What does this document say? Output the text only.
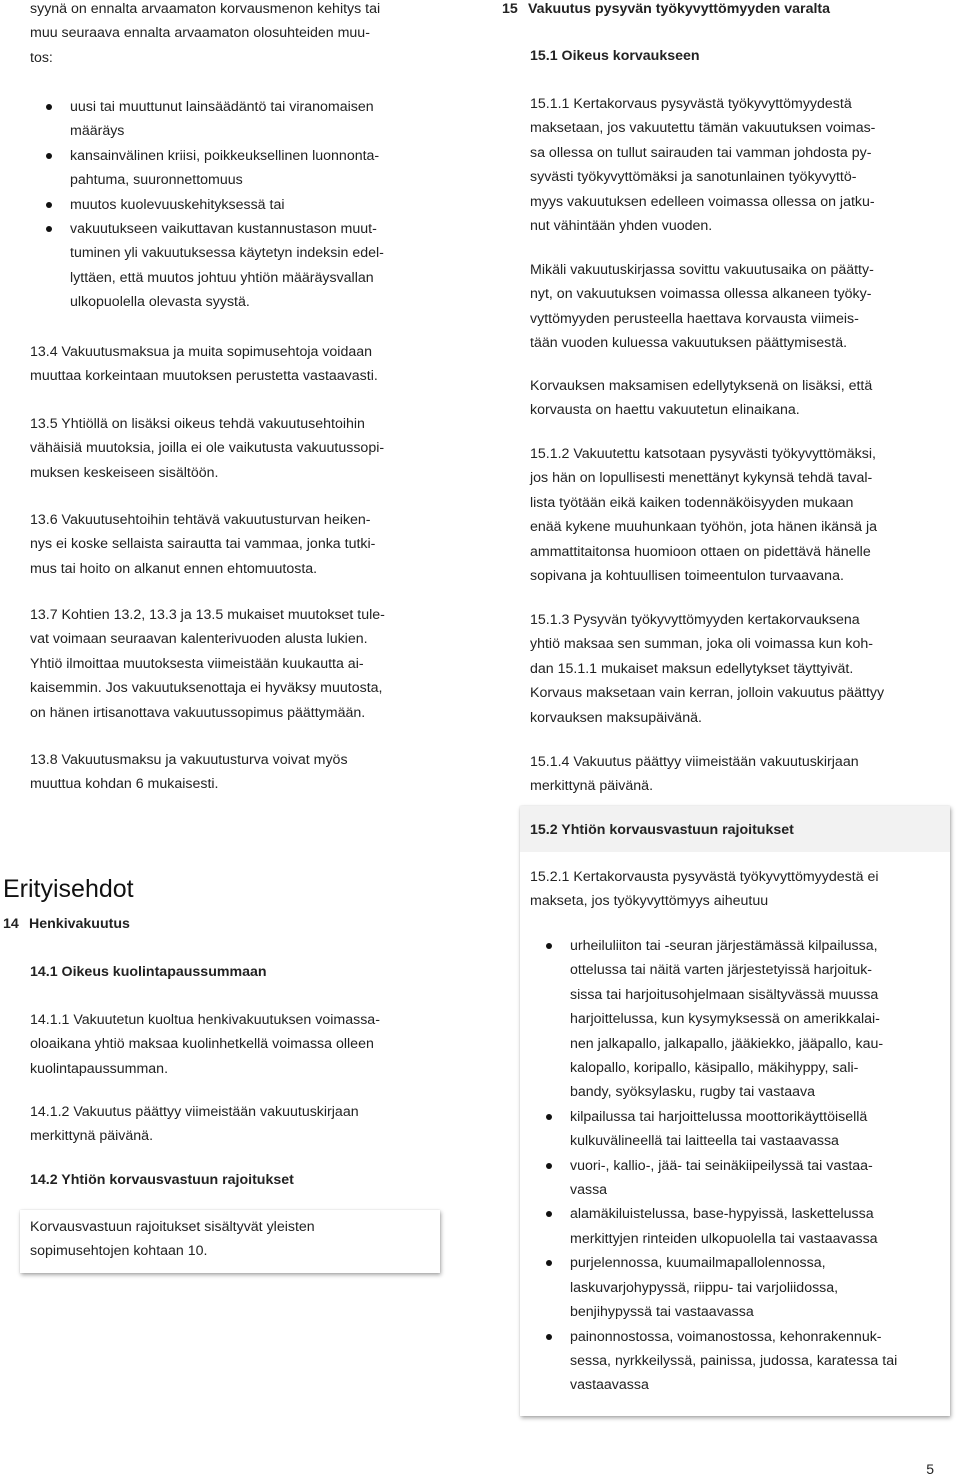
syynä on ennalta arvaamaton korvausmenon kehitys tai

muu seuraava ennalta arvaamaton olosuhteiden muu-

tos:

uusi tai muuttunut lainsäädäntö tai viranomaisen

määräys

kansainvälinen kriisi, poikkeuksellinen luonnonta-

pahtuma, suuronnettomuus

muutos kuolevuuskehityksessä tai

vakuutukseen vaikuttavan kustannustason muut-

tuminen yli vakuutuksessa käytetyn indeksin edel-

lyttäen, että muutos johtuu yhtiön määräysvallan

ulkopuolella olevasta syystä.

13.4 Vakuutusmaksua ja muita sopimusehtoja voidaan

muuttaa korkeintaan muutoksen perustetta vastaavasti.

13.5 Yhtiöllä on lisäksi oikeus tehdä vakuutusehtoihin

vähäisiä muutoksia, joilla ei ole vaikutusta vakuutussopi-

muksen keskeiseen sisältöön.

13.6 Vakuutusehtoihin tehtävä vakuutusturvan heiken-

nys ei koske sellaista sairautta tai vammaa, jonka tutki-

mus tai hoito on alkanut ennen ehtomuutosta.

13.7 Kohtien 13.2, 13.3 ja 13.5 mukaiset muutokset tule-

vat voimaan seuraavan kalenterivuoden alusta lukien.

Yhtiö ilmoittaa muutoksesta viimeistään kuukautta ai-

kaisemmin. Jos vakuutuksenottaja ei hyväksy muutosta,

on hänen irtisanottava vakuutussopimus päättymään.

13.8 Vakuutusmaksu ja vakuutusturva voivat myös

muuttua kohdan 6 mukaisesti.

Erityisehdot
14 Henkivakuutus
14.1 Oikeus kuolintapaussummaan

14.1.1 Vakuutetun kuoltua henkivakuutuksen voimassa-

oloaikana yhtiö maksaa kuolinhetkellä voimassa olleen

kuolintapaussumman.

14.1.2 Vakuutus päättyy viimeistään vakuutuskirjaan

merkittynä päivänä.

14.2 Yhtiön korvausvastuun rajoitukset

Korvausvastuun rajoitukset sisältyvät yleisten

sopimusehtojen kohtaan 10.

15 Vakuutus pysyvän työkyvyttömyyden varalta
15.1 Oikeus korvaukseen

15.1.1 Kertakorvaus pysyvästä työkyvyttömyydestä

maksetaan, jos vakuutettu tämän vakuutuksen voimas-

sa ollessa on tullut sairauden tai vamman johdosta py-

syvästi työkyvyttömäksi ja sanotunlainen työkyvyttö-

myys vakuutuksen edelleen voimassa ollessa on jatku-

nut vähintään yhden vuoden.

Mikäli vakuutuskirjassa sovittu vakuutusaika on päätty-

nyt, on vakuutuksen voimassa ollessa alkaneen työky-

vyttömyyden perusteella haettava korvausta viimeis-

tään vuoden kuluessa vakuutuksen päättymisestä.

Korvauksen maksamisen edellytyksenä on lisäksi, että

korvausta on haettu vakuutetun elinaikana.

15.1.2 Vakuutettu katsotaan pysyvästi työkyvyttömäksi,

jos hän on lopullisesti menettänyt kykynsä tehdä taval-

lista työtään eikä kaiken todennäköisyyden mukaan

enää kykene muuhunkaan työhön, jota hänen ikänsä ja

ammattitaitonsa huomioon ottaen on pidettävä hänelle

sopivana ja kohtuullisen toimeentulon turvaavana.

15.1.3 Pysyvän työkyvyttömyyden kertakorvauksena

yhtiö maksaa sen summan, joka oli voimassa kun koh-

dan 15.1.1 mukaiset maksun edellytykset täyttyivät.

Korvaus maksetaan vain kerran, jolloin vakuutus päättyy

korvauksen maksupäivänä.

15.1.4 Vakuutus päättyy viimeistään vakuutuskirjaan

merkittynä päivänä.

15.2 Yhtiön korvausvastuun rajoitukset

15.2.1 Kertakorvausta pysyvästä työkyvyttömyydestä ei

makseta, jos työkyvyttömyys aiheutuu

urheiluliiton tai -seuran järjestämässä kilpailussa,

ottelussa tai näitä varten järjestetyissä harjoituk-

sissa tai harjoitusohjelmaan sisältyvässä muussa

harjoittelussa, kun kysymyksessä on amerikkalai-

nen jalkapallo, jalkapallo, jääkiekko, jääpallo, kau-

kalopallo, koripallo, käsipallo, mäkihyppy, sali-

bandy, syöksylasku, rugby tai vastaava

kilpailussa tai harjoittelussa moottorikäyttöisellä

kulkuvälineellä tai laitteella tai vastaavassa

vuori-, kallio-, jää- tai seinäkiipeilyssä tai vastaa-

vassa

alamäkiluistelussa, base-hypyissä, laskettelussa

merkittyjen rinteiden ulkopuolella tai vastaavassa

purjelennossa, kuumailmapallolennossa,

laskuvarjohypyssä, riippu- tai varjoliidossa,

benjihypyssä tai vastaavassa

painonnostossa, voimanostossa, kehonrakennuk-

sessa, nyrkkeilyssä, painissa, judossa, karatessa tai

vastaavassa

5
